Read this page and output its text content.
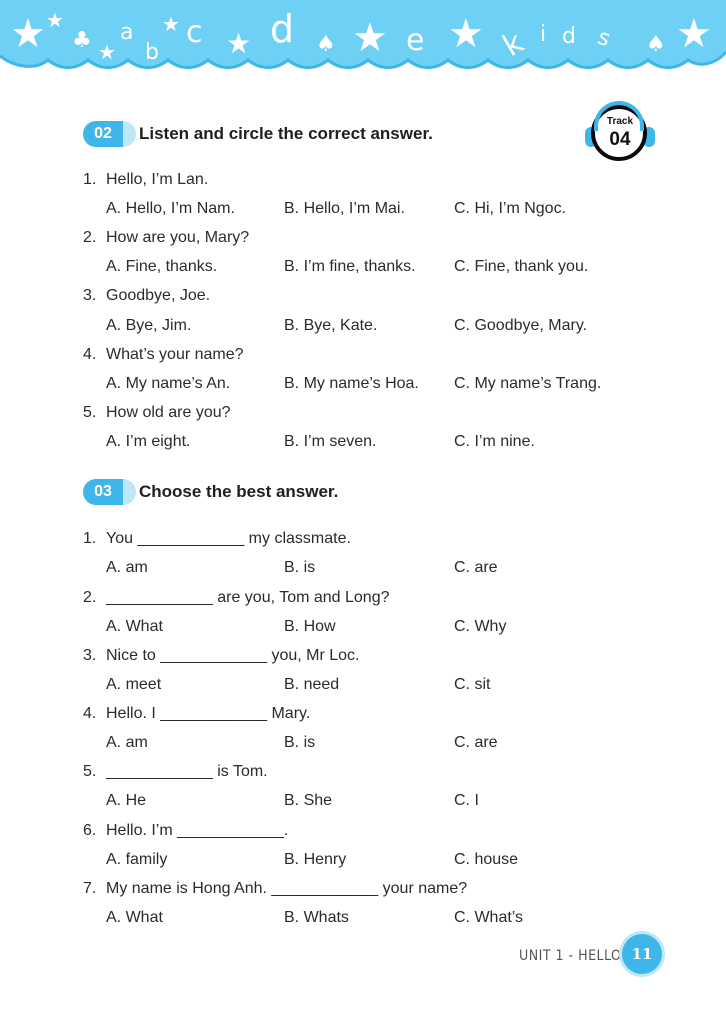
★ ★
♣ ★
a
b
★ c ★ d ♠ ★ e ★ k i d s ♠ ★
02	Listen and circle the correct answer.
Track
04
1. Hello, I’m Lan.
A. Hello, I’m Nam.	B. Hello, I’m Mai.	C. Hi, I’m Ngoc.
2. How are you, Mary?
A. Fine, thanks.	B. I’m fine, thanks. C. Fine, thank you.
3. Goodbye, Joe.
A. Bye, Jim.	B. Bye, Kate.	C. Goodbye, Mary.
4. What’s your name?
A. My name’s An.	B. My name’s Hoa. C. My name’s Trang.
5. How old are you?
A. I’m eight.	B. I’m seven.	C. I’m nine.
03	Choose the best answer.
1. You ____________ my classmate.
A. am	B. is	C. are
2. ____________ are you, Tom and Long?
A. What	B. How	C. Why
3. Nice to ____________ you, Mr Loc.
A. meet	B. need	C. sit
4. Hello. I ____________ Mary.
A. am	B. is	C. are
5. ____________ is Tom.
A. He	B. She	C. I
6. Hello. I’m ____________.
A. family	B. Henry	C. house
7. My name is Hong Anh. ____________ your name?
A. What	B. Whats	C. What’s
UNIT 1 - HELLO 11
